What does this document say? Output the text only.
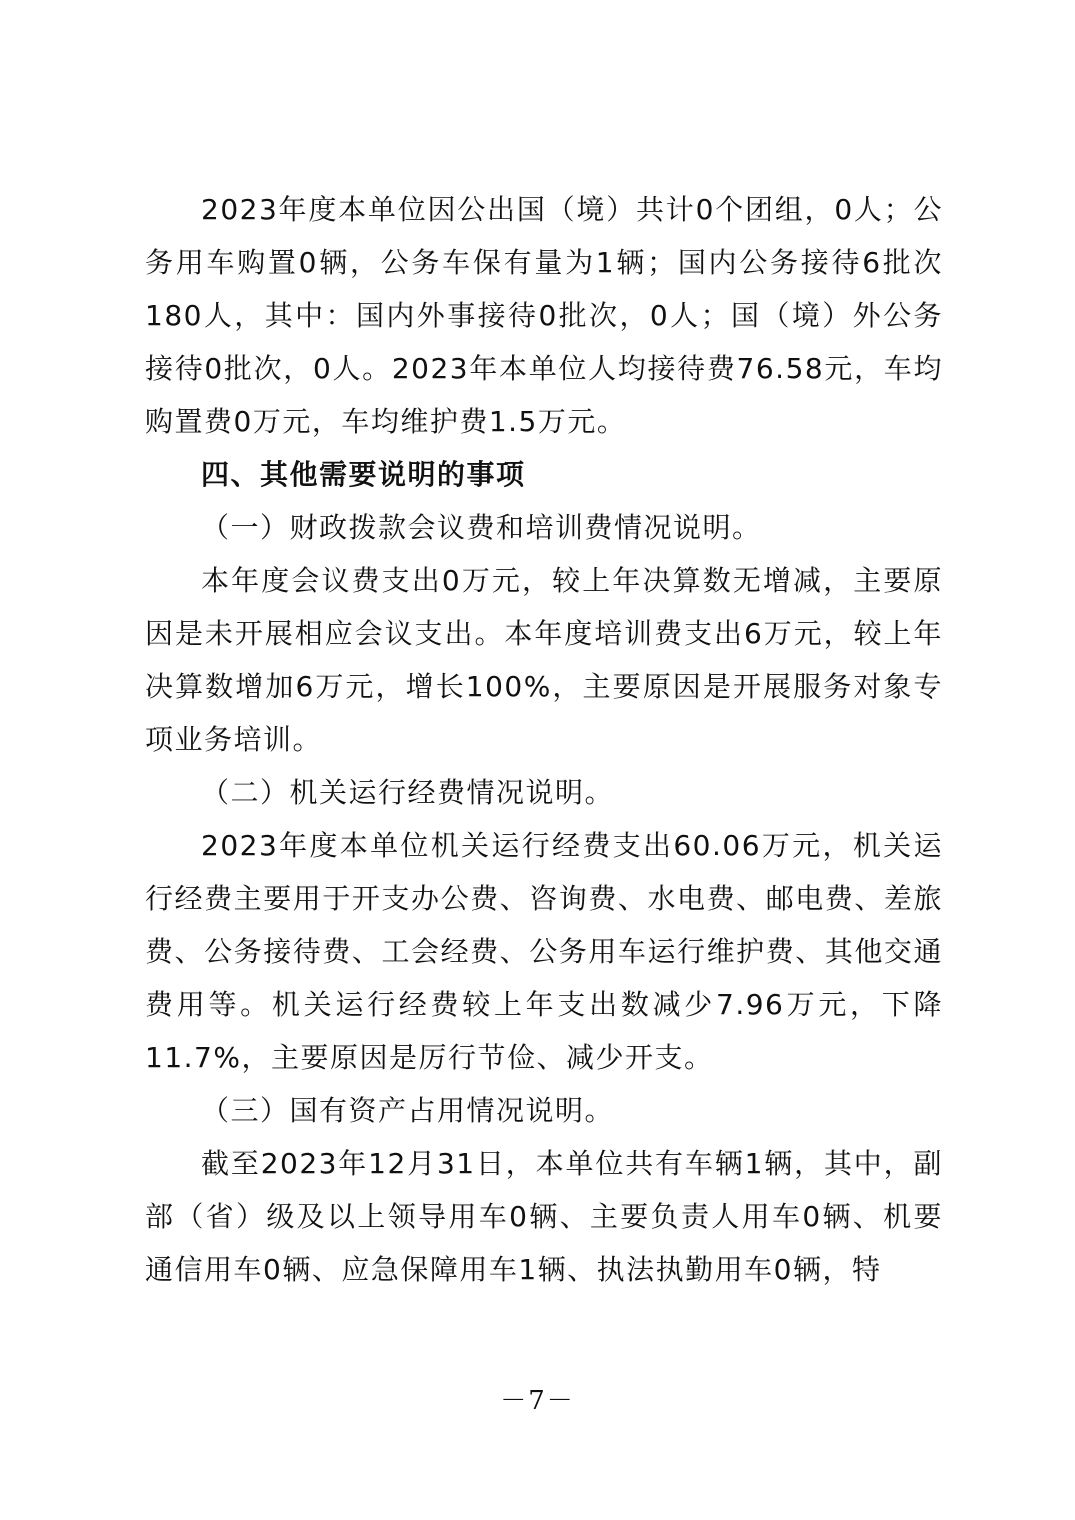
2023年度本单位因公出国（境）共计0个团组，0人；公务用车购置0辆，公务车保有量为1辆；国内公务接待6批次180人，其中：国内外事接待0批次，0人；国（境）外公务接待0批次，0人。2023年本单位人均接待费76.58元，车均购置费0万元，车均维护费1.5万元。

四、其他需要说明的事项

（一）财政拨款会议费和培训费情况说明。

本年度会议费支出0万元，较上年决算数无增减，主要原因是未开展相应会议支出。本年度培训费支出6万元，较上年决算数增加6万元，增长100%，主要原因是开展服务对象专项业务培训。

（二）机关运行经费情况说明。

2023年度本单位机关运行经费支出60.06万元，机关运行经费主要用于开支办公费、咨询费、水电费、邮电费、差旅费、公务接待费、工会经费、公务用车运行维护费、其他交通费用等。机关运行经费较上年支出数减少7.96万元，下降11.7%，主要原因是厉行节俭、减少开支。

（三）国有资产占用情况说明。

截至2023年12月31日，本单位共有车辆1辆，其中，副部（省）级及以上领导用车0辆、主要负责人用车0辆、机要通信用车0辆、应急保障用车1辆、执法执勤用车0辆，特

－7－
